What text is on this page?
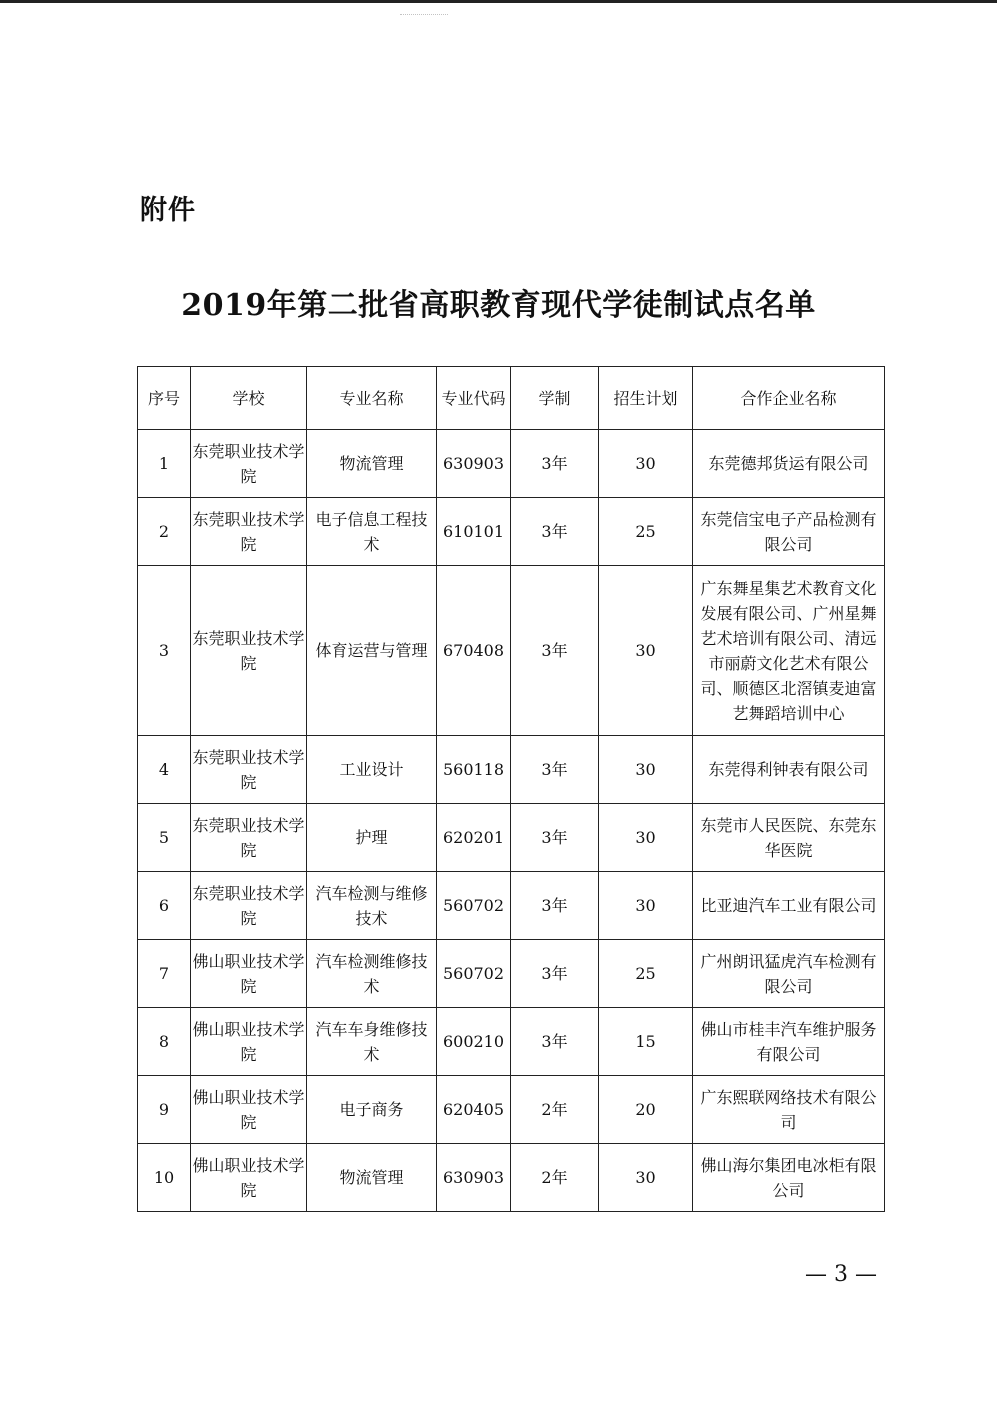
附件
2019年第二批省高职教育现代学徒制试点名单
序号	学校	专业名称	专业代码	学制	招生计划	合作企业名称
1	东莞职业技术学院	物流管理	630903	3年	30	东莞德邦货运有限公司
2	东莞职业技术学院	电子信息工程技术	610101	3年	25	东莞信宝电子产品检测有限公司
3	东莞职业技术学院	体育运营与管理	670408	3年	30	广东舞星集艺术教育文化发展有限公司、广州星舞艺术培训有限公司、清远市丽蔚文化艺术有限公司、顺德区北滘镇麦迪富艺舞蹈培训中心
4	东莞职业技术学院	工业设计	560118	3年	30	东莞得利钟表有限公司
5	东莞职业技术学院	护理	620201	3年	30	东莞市人民医院、东莞东华医院
6	东莞职业技术学院	汽车检测与维修技术	560702	3年	30	比亚迪汽车工业有限公司
7	佛山职业技术学院	汽车检测维修技术	560702	3年	25	广州朗讯猛虎汽车检测有限公司
8	佛山职业技术学院	汽车车身维修技术	600210	3年	15	佛山市桂丰汽车维护服务有限公司
9	佛山职业技术学院	电子商务	620405	2年	20	广东熙联网络技术有限公司
10	佛山职业技术学院	物流管理	630903	2年	30	佛山海尔集团电冰柜有限公司
— 3 —
